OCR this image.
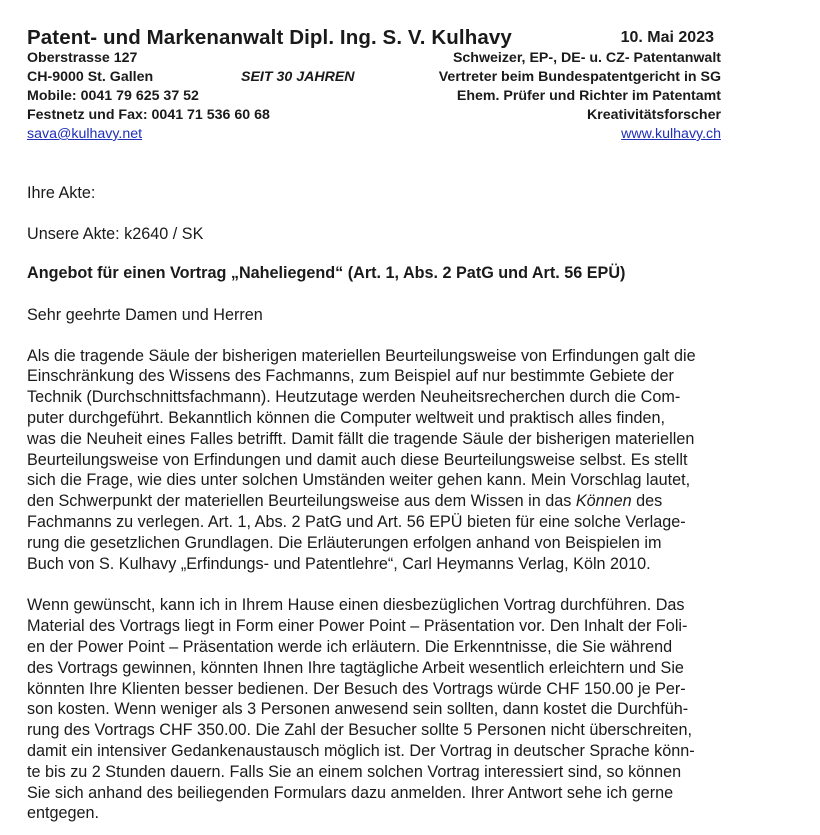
Patent- und Markenanwalt Dipl. Ing. S. V. Kulhavy	10. Mai 2023
Oberstrasse 127	Schweizer, EP-, DE- u. CZ- Patentanwalt
CH-9000 St. Gallen	SEIT 30 JAHREN	Vertreter beim Bundespatentgericht in SG
Mobile: 0041 79 625 37 52	Ehem. Prüfer und Richter im Patentamt
Festnetz und Fax: 0041 71 536 60 68	Kreativitätsforscher
sava@kulhavy.net	www.kulhavy.ch

Ihre Akte:

Unsere Akte: k2640 / SK

Angebot für einen Vortrag „Naheliegend“ (Art. 1, Abs. 2 PatG und Art. 56 EPÜ)

Sehr geehrte Damen und Herren

Als die tragende Säule der bisherigen materiellen Beurteilungsweise von Erfindungen galt die
Einschränkung des Wissens des Fachmanns, zum Beispiel auf nur bestimmte Gebiete der
Technik (Durchschnittsfachmann). Heutzutage werden Neuheitsrecherchen durch die Com-
puter durchgeführt. Bekanntlich können die Computer weltweit und praktisch alles finden,
was die Neuheit eines Falles betrifft. Damit fällt die tragende Säule der bisherigen materiellen
Beurteilungsweise von Erfindungen und damit auch diese Beurteilungsweise selbst. Es stellt
sich die Frage, wie dies unter solchen Umständen weiter gehen kann. Mein Vorschlag lautet,
den Schwerpunkt der materiellen Beurteilungsweise aus dem Wissen in das Können des
Fachmanns zu verlegen. Art. 1, Abs. 2 PatG und Art. 56 EPÜ bieten für eine solche Verlage-
rung die gesetzlichen Grundlagen. Die Erläuterungen erfolgen anhand von Beispielen im
Buch von S. Kulhavy „Erfindungs- und Patentlehre“, Carl Heymanns Verlag, Köln 2010.
Wenn gewünscht, kann ich in Ihrem Hause einen diesbezüglichen Vortrag durchführen. Das
Material des Vortrags liegt in Form einer Power Point – Präsentation vor. Den Inhalt der Foli-
en der Power Point – Präsentation werde ich erläutern. Die Erkenntnisse, die Sie während
des Vortrags gewinnen, könnten Ihnen Ihre tagtägliche Arbeit wesentlich erleichtern und Sie
könnten Ihre Klienten besser bedienen. Der Besuch des Vortrags würde CHF 150.00 je Per-
son kosten. Wenn weniger als 3 Personen anwesend sein sollten, dann kostet die Durchfüh-
rung des Vortrags CHF 350.00. Die Zahl der Besucher sollte 5 Personen nicht überschreiten,
damit ein intensiver Gedankenaustausch möglich ist. Der Vortrag in deutscher Sprache könn-
te bis zu 2 Stunden dauern. Falls Sie an einem solchen Vortrag interessiert sind, so können
Sie sich anhand des beiliegenden Formulars dazu anmelden. Ihrer Antwort sehe ich gerne
entgegen.
